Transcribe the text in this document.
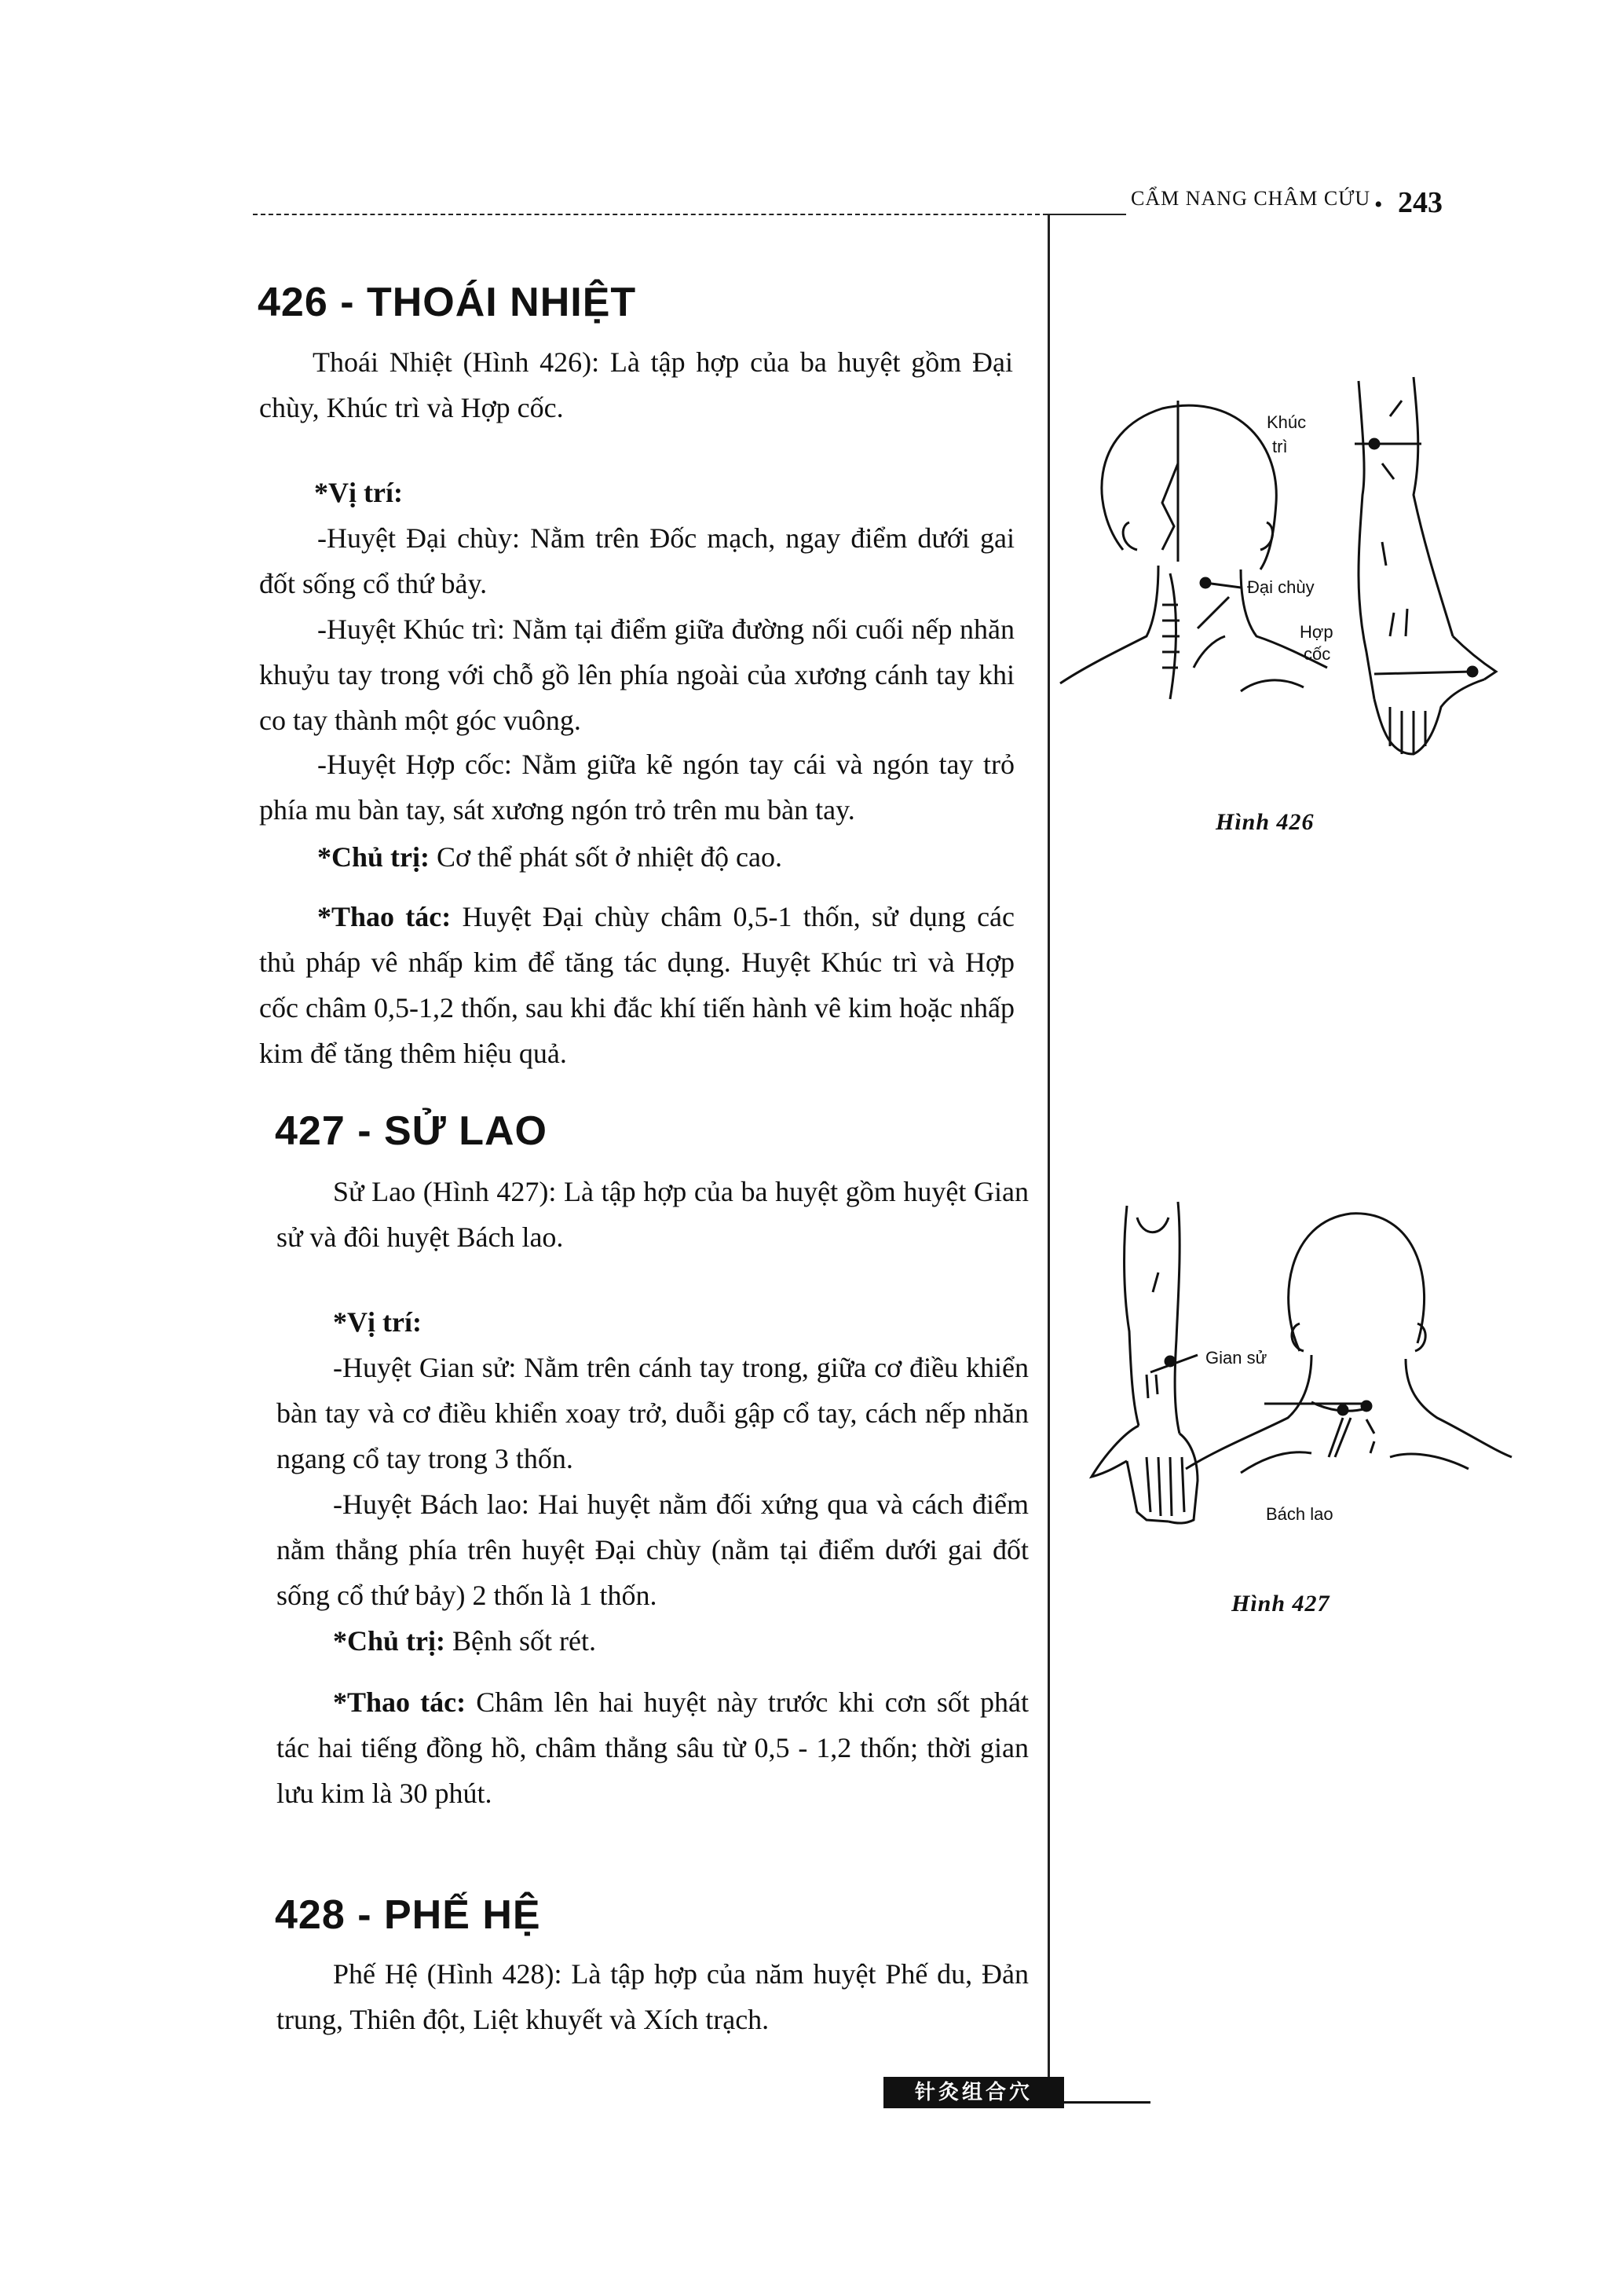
CẨM NANG CHÂM CỨU • 243
426 - THOÁI NHIỆT

Thoái Nhiệt (Hình 426): Là tập hợp của ba huyệt gồm Đại chùy, Khúc trì và Hợp cốc.

*Vị trí:

-Huyệt Đại chùy: Nằm trên Đốc mạch, ngay điểm dưới gai đốt sống cổ thứ bảy.

-Huyệt Khúc trì: Nằm tại điểm giữa đường nối cuối nếp nhăn khuỷu tay trong với chỗ gồ lên phía ngoài của xương cánh tay khi co tay thành một góc vuông.

-Huyệt Hợp cốc: Nằm giữa kẽ ngón tay cái và ngón tay trỏ phía mu bàn tay, sát xương ngón trỏ trên mu bàn tay.

*Chủ trị: Cơ thể phát sốt ở nhiệt độ cao.

*Thao tác: Huyệt Đại chùy châm 0,5-1 thốn, sử dụng các thủ pháp vê nhấp kim để tăng tác dụng. Huyệt Khúc trì và Hợp cốc châm 0,5-1,2 thốn, sau khi đắc khí tiến hành vê kim hoặc nhấp kim để tăng thêm hiệu quả.

427 - SỬ LAO

Sử Lao (Hình 427): Là tập hợp của ba huyệt gồm huyệt Gian sử và đôi huyệt Bách lao.

*Vị trí:

-Huyệt Gian sử: Nằm trên cánh tay trong, giữa cơ điều khiển bàn tay và cơ điều khiển xoay trở, duỗi gập cổ tay, cách nếp nhăn ngang cổ tay trong 3 thốn.

-Huyệt Bách lao: Hai huyệt nằm đối xứng qua và cách điểm nằm thẳng phía trên huyệt Đại chùy (nằm tại điểm dưới gai đốt sống cổ thứ bảy) 2 thốn là 1 thốn.

*Chủ trị: Bệnh sốt rét.

*Thao tác: Châm lên hai huyệt này trước khi cơn sốt phát tác hai tiếng đồng hồ, châm thẳng sâu từ 0,5 - 1,2 thốn; thời gian lưu kim là 30 phút.

428 - PHẾ HỆ

Phế Hệ (Hình 428): Là tập hợp của năm huyệt Phế du, Đản trung, Thiên đột, Liệt khuyết và Xích trạch.

Khúc
trì
Đại chùy
Hợp
cốc
Hình 426
Gian sử
Bách lao
Hình 427
针灸组合穴
